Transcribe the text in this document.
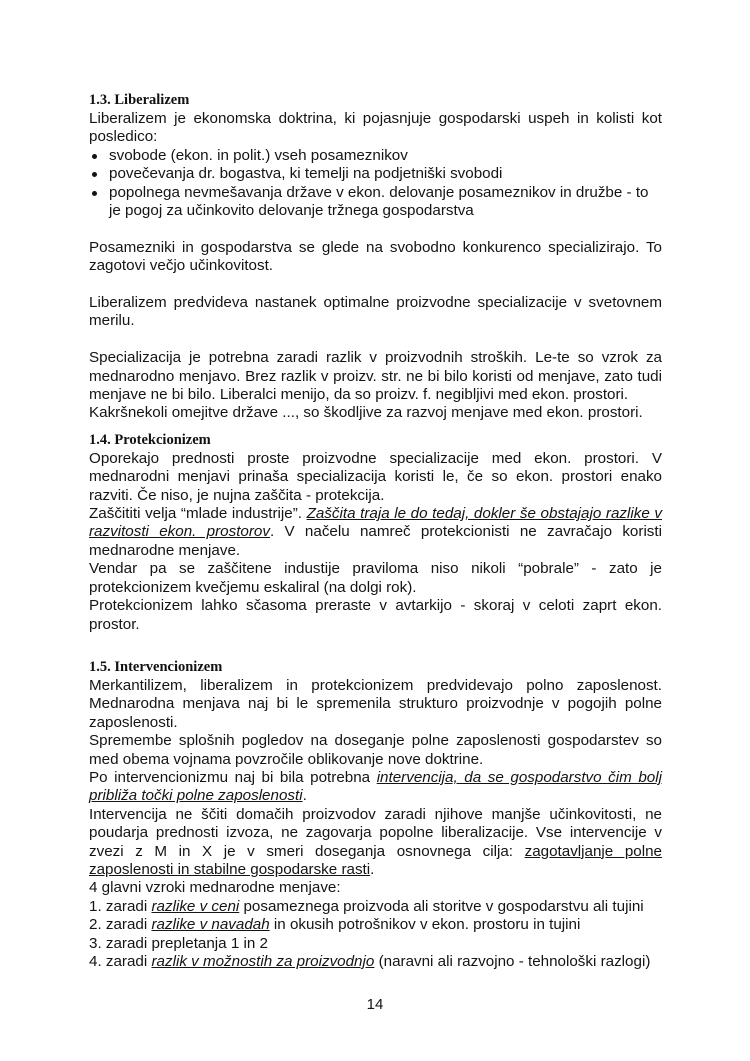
1.3. Liberalizem

Liberalizem je ekonomska doktrina, ki pojasnjuje gospodarski uspeh in kolisti kot posledico:

svobode (ekon. in polit.) vseh posameznikov
povečevanja dr. bogastva, ki temelji na podjetniški svobodi
popolnega nevmešavanja države v ekon. delovanje posameznikov in družbe - to je pogoj za učinkovito delovanje tržnega gospodarstva

Posamezniki in gospodarstva se glede na svobodno konkurenco specializirajo. To zagotovi večjo učinkovitost.

Liberalizem predvideva nastanek optimalne proizvodne specializacije v svetovnem merilu.

Specializacija je potrebna zaradi razlik v proizvodnih stroških. Le-te so vzrok za mednarodno menjavo. Brez razlik v proizv. str. ne bi bilo koristi od menjave, zato tudi menjave ne bi bilo. Liberalci menijo, da so proizv. f. negibljivi med ekon. prostori.

Kakršnekoli omejitve države ..., so škodljive za razvoj menjave med ekon. prostori.

1.4. Protekcionizem

Oporekajo prednosti proste proizvodne specializacije med ekon. prostori. V mednarodni menjavi prinaša specializacija koristi le, če so ekon. prostori enako razviti. Če niso, je nujna zaščita - protekcija.

Zaščititi velja “mlade industrije”. Zaščita traja le do tedaj, dokler še obstajajo razlike v razvitosti ekon. prostorov. V načelu namreč protekcionisti ne zavračajo koristi mednarodne menjave.

Vendar pa se zaščitene industije praviloma niso nikoli “pobrale” - zato je protekcionizem kvečjemu eskaliral (na dolgi rok).

Protekcionizem lahko sčasoma preraste v avtarkijo - skoraj v celoti zaprt ekon. prostor.

1.5. Intervencionizem

Merkantilizem, liberalizem in protekcionizem predvidevajo polno zaposlenost. Mednarodna menjava naj bi le spremenila strukturo proizvodnje v pogojih polne zaposlenosti.

Spremembe splošnih pogledov na doseganje polne zaposlenosti gospodarstev so med obema vojnama povzročile oblikovanje nove doktrine.

Po intervencionizmu naj bi bila potrebna intervencija, da se gospodarstvo čim bolj približa točki polne zaposlenosti.

Intervencija ne ščiti domačih proizvodov zaradi njihove manjše učinkovitosti, ne poudarja prednosti izvoza, ne zagovarja popolne liberalizacije. Vse intervencije v zvezi z M in X je v smeri doseganja osnovnega cilja: zagotavljanje polne zaposlenosti in stabilne gospodarske rasti.

4 glavni vzroki mednarodne menjave:

1. zaradi razlike v ceni posameznega proizvoda ali storitve v gospodarstvu ali tujini
2. zaradi razlike v navadah in okusih potrošnikov v ekon. prostoru in tujini
3. zaradi prepletanja 1 in 2
4. zaradi razlik v možnostih za proizvodnjo (naravni ali razvojno - tehnološki razlogi)
14
